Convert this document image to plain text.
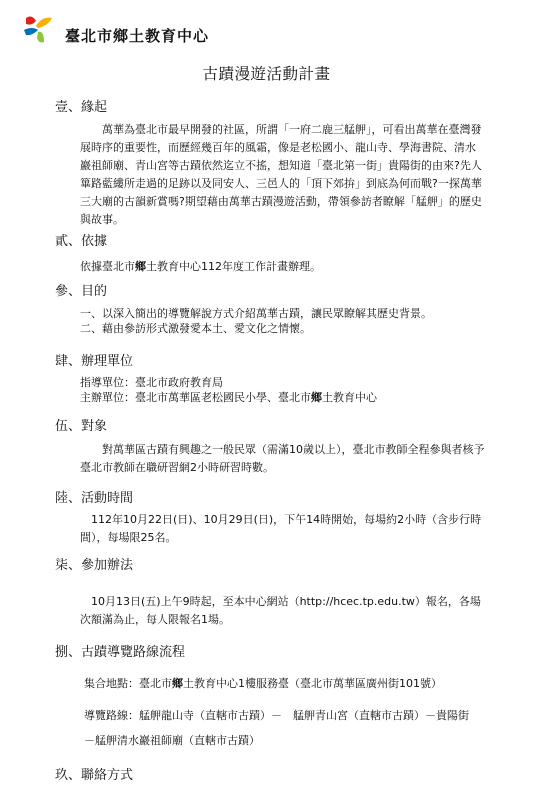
臺北市鄉土教育中心
古蹟漫遊活動計畫
壹、緣起
萬華為臺北市最早開發的社區，所謂「一府二鹿三艋舺」，可看出萬華在臺灣發展時序的重要性，而歷經幾百年的風霜，像是老松國小、龍山寺、學海書院、清水巖祖師廟、青山宮等古蹟依然迄立不搖，想知道「臺北第一街」貴陽街的由來?先人篳路藍縷所走過的足跡以及同安人、三邑人的「頂下郊拚」到底為何而戰?一探萬華三大廟的古韻新賞嗎?期望藉由萬華古蹟漫遊活動，帶領參訪者瞭解「艋舺」的歷史與故事。
貳、依據
依據臺北市鄉土教育中心112年度工作計畫辦理。
參、目的
一、以深入簡出的導覽解說方式介紹萬華古蹟，讓民眾瞭解其歷史背景。
二、藉由參訪形式激發愛本土、愛文化之情懷。
肆、辦理單位
指導單位：臺北市政府教育局
主辦單位：臺北市萬華區老松國民小學、臺北市鄉土教育中心
伍、對象
對萬華區古蹟有興趣之一般民眾（需滿10歲以上），臺北市教師全程參與者核予臺北市教師在職研習網2小時研習時數。
陸、活動時間
112年10月22日(日)、10月29日(日)，下午14時開始，每場約2小時（含步行時間），每場限25名。
柒、參加辦法
10月13日(五)上午9時起，至本中心網站（http://hcec.tp.edu.tw）報名，各場次額滿為止，每人限報名1場。
捌、古蹟導覽路線流程
集合地點：臺北市鄉土教育中心1樓服務臺（臺北市萬華區廣州街101號）
導覽路線：艋舺龍山寺（直轄市古蹟）－　艋舺青山宮（直轄市古蹟）－貴陽街
－艋舺清水巖祖師廟（直轄市古蹟）
玖、聯絡方式
